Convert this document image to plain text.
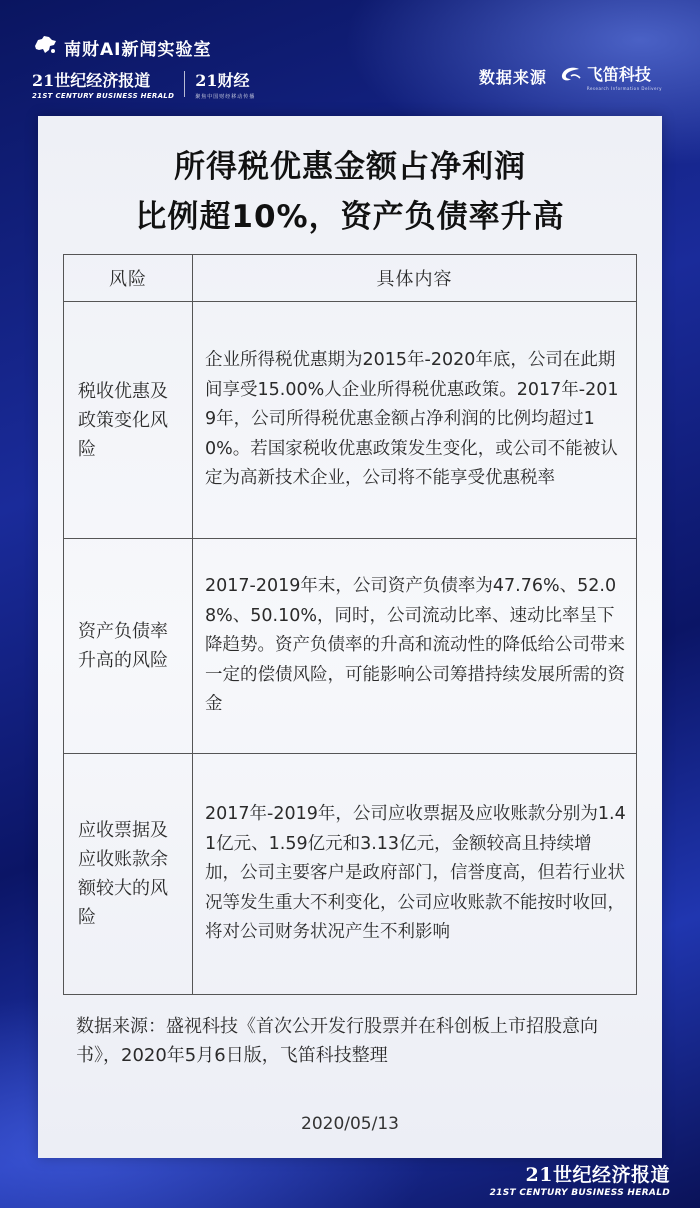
南财AI新闻实验室
21世纪经济报道
21ST CENTURY BUSINESS HERALD
21财经
聚焦中国财经移动传播
数据来源	飞笛科技
Research Information Delivery
所得税优惠金额占净利润
比例超10%，资产负债率升高
风险	具体内容
税收优惠及政策变化风险	企业所得税优惠期为2015年-2020年底，公司在此期间享受15.00%人企业所得税优惠政策。2017年-2019年，公司所得税优惠金额占净利润的比例均超过10%。若国家税收优惠政策发生变化，或公司不能被认定为高新技术企业，公司将不能享受优惠税率
资产负债率升高的风险	2017-2019年末，公司资产负债率为47.76%、52.08%、50.10%，同时，公司流动比率、速动比率呈下降趋势。资产负债率的升高和流动性的降低给公司带来一定的偿债风险，可能影响公司筹措持续发展所需的资金
应收票据及应收账款余额较大的风险	2017年-2019年，公司应收票据及应收账款分别为1.41亿元、1.59亿元和3.13亿元，金额较高且持续增加，公司主要客户是政府部门，信誉度高，但若行业状况等发生重大不利变化，公司应收账款不能按时收回，将对公司财务状况产生不利影响
数据来源：盛视科技《首次公开发行股票并在科创板上市招股意向书》，2020年5月6日版，飞笛科技整理
2020/05/13
21世纪经济报道
21ST CENTURY BUSINESS HERALD
